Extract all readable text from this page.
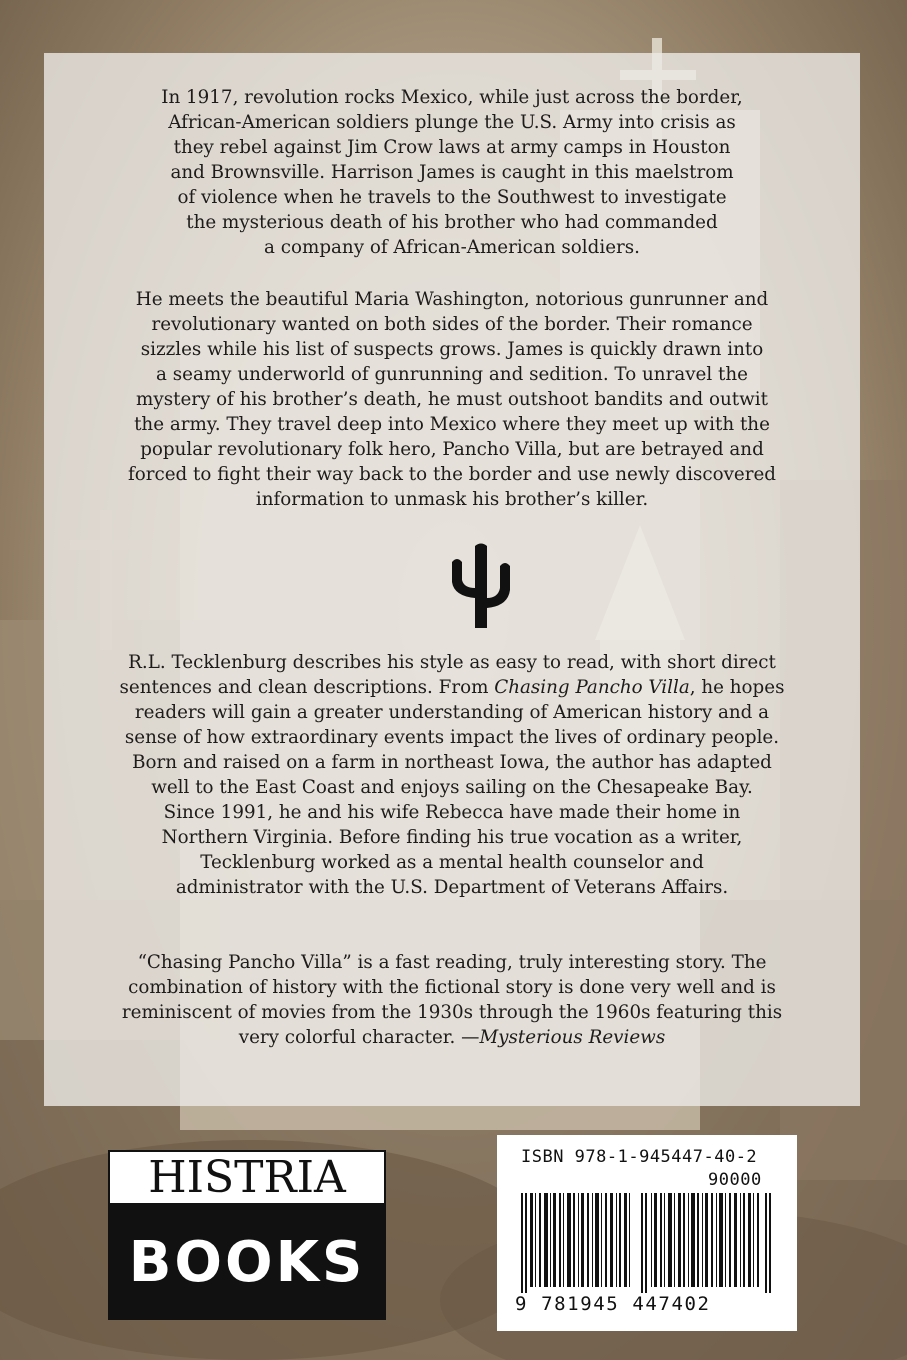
In 1917, revolution rocks Mexico, while just across the border,
African-American soldiers plunge the U.S. Army into crisis as
they rebel against Jim Crow laws at army camps in Houston
and Brownsville. Harrison James is caught in this maelstrom
of violence when he travels to the Southwest to investigate
the mysterious death of his brother who had commanded
a company of African-American soldiers.

He meets the beautiful Maria Washington, notorious gunrunner and
revolutionary wanted on both sides of the border. Their romance
sizzles while his list of suspects grows. James is quickly drawn into
a seamy underworld of gunrunning and sedition. To unravel the
mystery of his brother’s death, he must outshoot bandits and outwit
the army. They travel deep into Mexico where they meet up with the
popular revolutionary folk hero, Pancho Villa, but are betrayed and
forced to fight their way back to the border and use newly discovered
information to unmask his brother’s killer.

R.L. Tecklenburg describes his style as easy to read, with short direct
sentences and clean descriptions. From Chasing Pancho Villa, he hopes
readers will gain a greater understanding of American history and a
sense of how extraordinary events impact the lives of ordinary people.
Born and raised on a farm in northeast Iowa, the author has adapted
well to the East Coast and enjoys sailing on the Chesapeake Bay.
Since 1991, he and his wife Rebecca have made their home in
Northern Virginia. Before finding his true vocation as a writer,
Tecklenburg worked as a mental health counselor and
administrator with the U.S. Department of Veterans Affairs.

“Chasing Pancho Villa” is a fast reading, truly interesting story. The
combination of history with the fictional story is done very well and is
reminiscent of movies from the 1930s through the 1960s featuring this
very colorful character. —Mysterious Reviews

HISTRIA
BOOKS
ISBN 978-1-945447-40-2
90000
9 781945 447402
